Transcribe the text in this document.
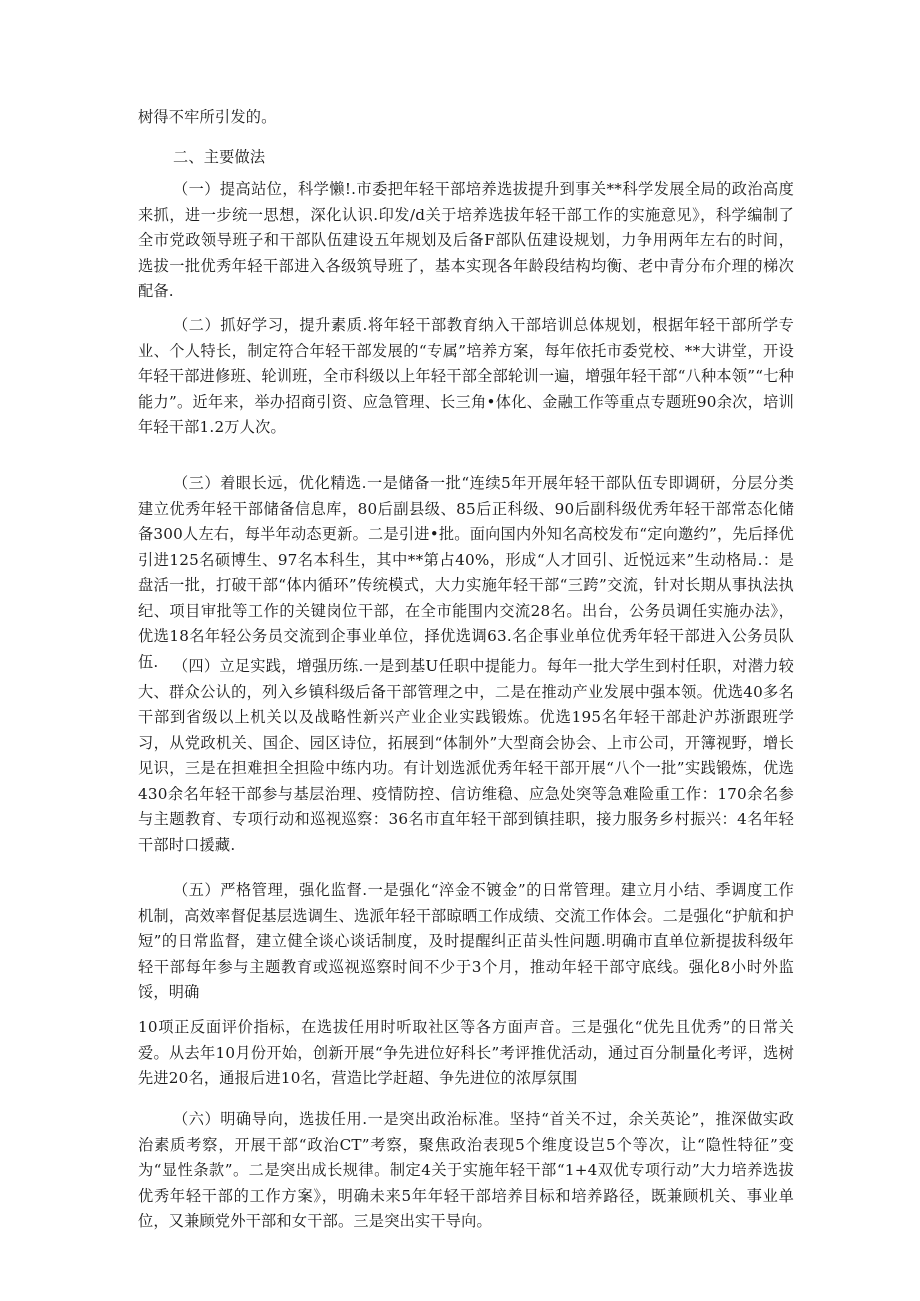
树得不牢所引发的。

二、主要做法

（一）提高站位，科学懒!.市委把年轻干部培养选拔提升到事关**科学发展全局的政治高度来抓，进一步统一思想，深化认识.印发/d关于培养选拔年轻干部工作的实施意见》，科学编制了全市党政领导班子和干部队伍建设五年规划及后备F部队伍建设规划，力争用两年左右的时间，选拔一批优秀年轻干部进入各级筑导班了，基本实现各年龄段结构均衡、老中青分布介理的梯次配备.

（二）抓好学习，提升素质.将年轻干部教育纳入干部培训总体规划，根据年轻干部所学专业、个人特长，制定符合年轻干部发展的“专属”培养方案，每年依托市委党校、**大讲堂，开设年轻干部进修班、轮训班，全市科级以上年轻干部全部轮训一遍，增强年轻干部“八种本领”“七种能力”。近年来，举办招商引资、应急管理、长三角•体化、金融工作等重点专题班90余次，培训年轻干部1.2万人次。

（三）着眼长远，优化精选.一是储备一批“连续5年开展年轻干部队伍专即调研，分层分类建立优秀年轻干部储备信息库，80后副县级、85后正科级、90后副科级优秀年轻干部常态化储备300人左右，每半年动态更新。二是引进•批。面向国内外知名高校发布“定向邀约”，先后择优引进125名硕博生、97名本科生，其中**第占40%，形成“人才回引、近悦远来”生动格局.：是盘活一批，打破干部“体内循环”传统模式，大力实施年轻干部“三跨”交流，针对长期从事执法执纪、项目审批等工作的关键岗位干部，在全市能围内交流28名。出台，公务员调任实施办法》，优选18名年轻公务员交流到企事业单位，择优选调63.名企事业单位优秀年轻干部进入公务员队伍. （四）立足实践，增强历练.一是到基U任职中提能力。每年一批大学生到村任职，对潜力较大、群众公认的，列入乡镇科级后备干部管理之中，二是在推动产业发展中强本领。优选40多名干部到省级以上机关以及战略性新兴产业企业实践锻炼。优选195名年轻干部赴沪苏浙跟班学习，从党政机关、国企、园区诗位，拓展到“体制外”大型商会协会、上市公司，开簿视野，增长见识，三是在担难担全担险中练内功。有计划选派优秀年轻干部开展“八个一批”实践锻炼，优选430余名年轻干部参与基层治理、疫情防控、信访维稳、应急处突等急难险重工作：170余名参与主题教育、专项行动和巡视巡察：36名市直年轻干部到镇挂职，接力服务乡村振兴：4名年轻干部时口援藏.

（五）严格管理，强化监督.一是强化“淬金不镀金”的日常管理。建立月小结、季调度工作机制，高效率督促基层选调生、选派年轻干部晾晒工作成绩、交流工作体会。二是强化“护航和护短”的日常监督，建立健全谈心谈话制度，及时提醒纠正苗头性问题.明确市直单位新提拔科级年轻干部每年参与主题教育或巡视巡察时间不少于3个月，推动年轻干部守底线。强化8小时外监馁，明确

10项正反面评价指标，在选拔任用时听取社区等各方面声音。三是强化“优先且优秀”的日常关爱。从去年10月份开始，创新开展“争先进位好科长”考评推优活动，通过百分制量化考评，选树先进20名，通报后进10名，营造比学赶超、争先进位的浓厚氛围

（六）明确导向，选拔任用.一是突出政治标准。坚持“首关不过，余关英论”，推深做实政治素质考察，开展干部“政治CT”考察，聚焦政治表现5个维度设岂5个等次，让“隐性特征”变为“显性条款”。二是突出成长规律。制定4关于实施年轻干部“1+4双优专项行动”大力培养选拔优秀年轻干部的工作方案》，明确未来5年年轻干部培养目标和培养路径，既兼顾机关、事业单位，又兼顾党外干部和女干部。三是突出实干导向。
